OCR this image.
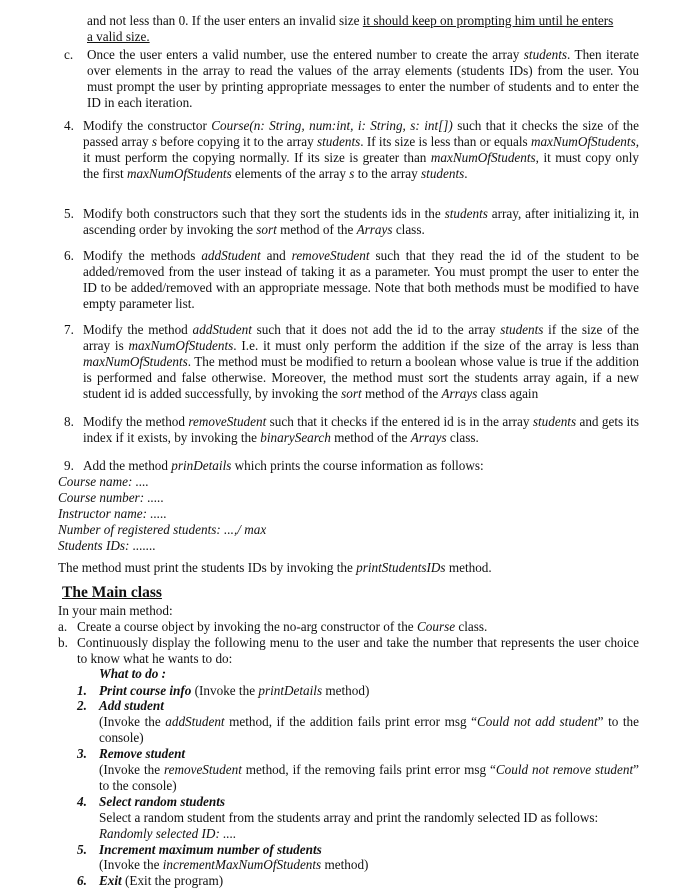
and not less than 0. If the user enters an invalid size it should keep on prompting him until he enters
a valid size.
c. Once the user enters a valid number, use the entered number to create the array students. Then iterate over elements in the array to read the values of the array elements (students IDs) from the user. You must prompt the user by printing appropriate messages to enter the number of students and to enter the ID in each iteration.
4. Modify the constructor Course(n: String, num:int, i: String, s: int[]) such that it checks the size of the passed array s before copying it to the array students. If its size is less than or equals maxNumOfStudents, it must perform the copying normally. If its size is greater than maxNumOfStudents, it must copy only the first maxNumOfStudents elements of the array s to the array students.
5. Modify both constructors such that they sort the students ids in the students array, after initializing it, in ascending order by invoking the sort method of the Arrays class.
6. Modify the methods addStudent and removeStudent such that they read the id of the student to be added/removed from the user instead of taking it as a parameter. You must prompt the user to enter the ID to be added/removed with an appropriate message. Note that both methods must be modified to have empty parameter list.
7. Modify the method addStudent such that it does not add the id to the array students if the size of the array is maxNumOfStudents. I.e. it must only perform the addition if the size of the array is less than maxNumOfStudents. The method must be modified to return a boolean whose value is true if the addition is performed and false otherwise. Moreover, the method must sort the students array again, if a new student id is added successfully, by invoking the sort method of the Arrays class again
8. Modify the method removeStudent such that it checks if the entered id is in the array students and gets its index if it exists, by invoking the binarySearch method of the Arrays class.
9. Add the method prinDetails which prints the course information as follows:
Course name: ....
Course number: .....
Instructor name: .....
Number of registered students: ...,/ max
Students IDs: .......
The method must print the students IDs by invoking the printStudentsIDs method.
The Main class
In your main method:
a. Create a course object by invoking the no-arg constructor of the Course class.
b. Continuously display the following menu to the user and take the number that represents the user choice to know what he wants to do:
What to do :
1. Print course info (Invoke the printDetails method)
2. Add student
(Invoke the addStudent method, if the addition fails print error msg “Could not add student” to the console)
3. Remove student
(Invoke the removeStudent method, if the removing fails print error msg “Could not remove student” to the console)
4. Select random students
Select a random student from the students array and print the randomly selected ID as follows:
Randomly selected ID: ....
5. Increment maximum number of students
(Invoke the incrementMaxNumOfStudents method)
6. Exit (Exit the program)
